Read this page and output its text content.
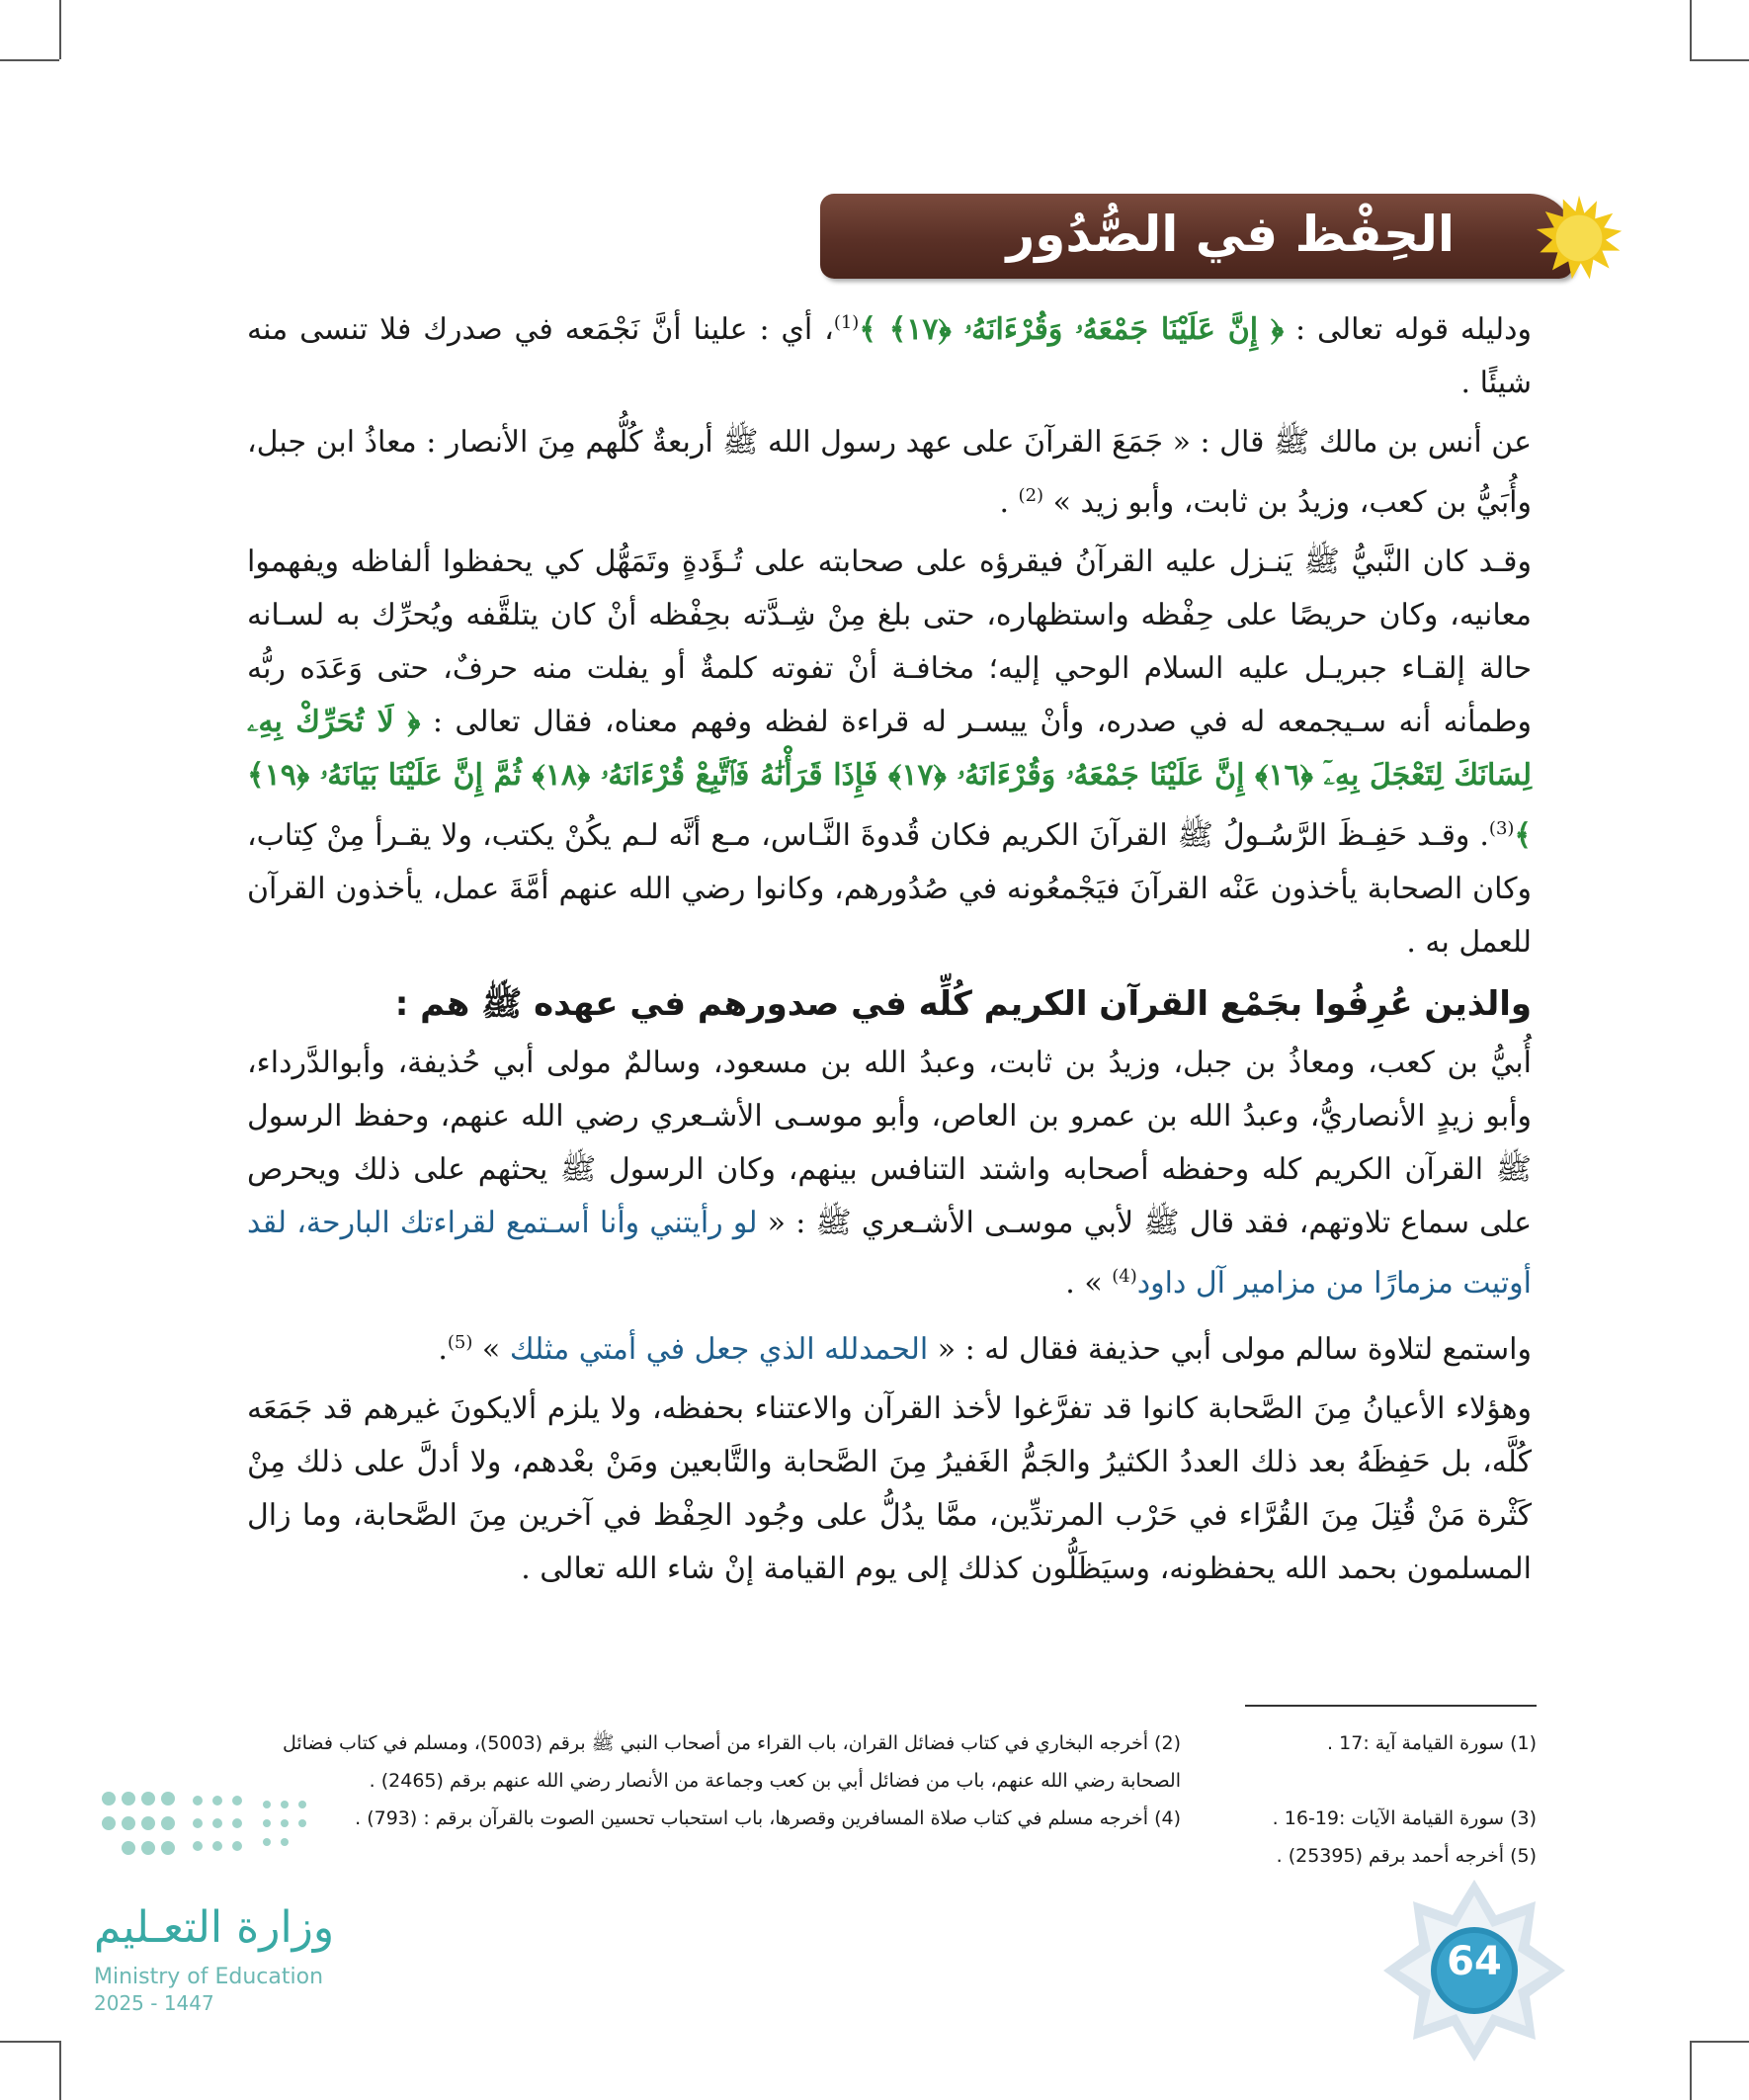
الحِفْظ في الصُّدُور

ودليله قوله تعالى : ﴿ إِنَّ عَلَيْنَا جَمْعَهُۥ وَقُرْءَانَهُۥ ﴿١٧﴾ ﴾$^{(1)}$، أي : علينا أنَّ نَجْمَعه في صدرك فلا تنسى منه شيئًا .

عن أنس بن مالك ﷺ قال : « جَمَعَ القرآنَ على عهد رسول الله ﷺ أربعةٌ كُلُّهم مِنَ الأنصار : معاذُ ابن جبل، وأُبَيُّ بن كعب، وزيدُ بن ثابت، وأبو زيد » $^{(2)}$ .

وقـد كان النَّبيُّ ﷺ يَنـزل عليه القرآنُ فيقرؤه على صحابته على تُـؤَدةٍ وتَمَهُّل كي يحفظوا ألفاظه ويفهموا معانيه، وكان حريصًا على حِفْظه واستظهاره، حتى بلغ مِنْ شِـدَّته بحِفْظه أنْ كان يتلقَّفه ويُحرِّك به لسـانه حالة إلقـاء جبريـل عليه السلام الوحي إليه؛ مخافـة أنْ تفوته كلمةٌ أو يفلت منه حرفٌ، حتى وَعَدَه ربُّه وطمأنه أنه سـيجمعه له في صدره، وأنْ ييسـر له قراءة لفظه وفهم معناه، فقال تعالى : ﴿ لَا تُحَرِّكْ بِهِۦ لِسَانَكَ لِتَعْجَلَ بِهِۦٓ ﴿١٦﴾ إِنَّ عَلَيْنَا جَمْعَهُۥ وَقُرْءَانَهُۥ ﴿١٧﴾ فَإِذَا قَرَأْنَٰهُ فَٱتَّبِعْ قُرْءَانَهُۥ ﴿١٨﴾ ثُمَّ إِنَّ عَلَيْنَا بَيَانَهُۥ ﴿١٩﴾ ﴾$^{(3)}$. وقـد حَفِـظَ الرَّسُـولُ ﷺ القرآنَ الكريم فكان قُدوةَ النَّـاس، مـع أنَّه لـم يكُنْ يكتب، ولا يقـرأ مِنْ كِتاب، وكان الصحابة يأخذون عَنْه القرآنَ فيَجْمعُونه في صُدُورهم، وكانوا رضي الله عنهم أمَّةَ عمل، يأخذون القرآن للعمل به .

والذين عُرِفُوا بجَمْع القرآن الكريم كُلِّه في صدورهم في عهده ﷺ هم :

أُبيُّ بن كعب، ومعاذُ بن جبل، وزيدُ بن ثابت، وعبدُ الله بن مسعود، وسالمٌ مولى أبي حُذيفة، وأبوالدَّرداء، وأبو زيدٍ الأنصاريُّ، وعبدُ الله بن عمرو بن العاص، وأبو موسـى الأشـعري رضي الله عنهم، وحفظ الرسول ﷺ القرآن الكريم كله وحفظه أصحابه واشتد التنافس بينهم، وكان الرسول ﷺ يحثهم على ذلك ويحرص على سماع تلاوتهم، فقد قال ﷺ لأبي موسـى الأشـعري ﷺ : « لو رأيتني وأنا أسـتمع لقراءتك البارحة، لقد أوتيت مزمارًا من مزامير آل داود$^{(4)}$ » .

واستمع لتلاوة سالم مولى أبي حذيفة فقال له : « الحمدلله الذي جعل في أمتي مثلك » $^{(5)}$.

وهؤلاء الأعيانُ مِنَ الصَّحابة كانوا قد تفرَّغوا لأخذ القرآن والاعتناء بحفظه، ولا يلزم ألايكونَ غيرهم قد جَمَعَه كُلَّه، بل حَفِظَهُ بعد ذلك العددُ الكثيرُ والجَمُّ الغَفيرُ مِنَ الصَّحابة والتَّابعين ومَنْ بعْدهم، ولا أدلَّ على ذلك مِنْ كَثْرة مَنْ قُتِلَ مِنَ القُرَّاء في حَرْب المرتدِّين، ممَّا يدُلُّ على وجُود الحِفْظ في آخرين مِنَ الصَّحابة، وما زال المسلمون بحمد الله يحفظونه، وسيَظَلُّون كذلك إلى يوم القيامة إنْ شاء الله تعالى .

(1) سورة القيامة آية :17 .
(2) أخرجه البخاري في كتاب فضائل القران، باب القراء من أصحاب النبي ﷺ برقم (5003)، ومسلم في كتاب فضائل الصحابة رضي الله عنهم، باب من فضائل أبي بن كعب وجماعة من الأنصار رضي الله عنهم برقم (2465) .
(3) سورة القيامة الآيات :19-16 .
(4) أخرجه مسلم في كتاب صلاة المسافرين وقصرها، باب استحباب تحسين الصوت بالقرآن برقم : (793) .
(5) أخرجه أحمد برقم (25395) .
وزارة التعـليم
Ministry of Education
2025 - 1447
64
